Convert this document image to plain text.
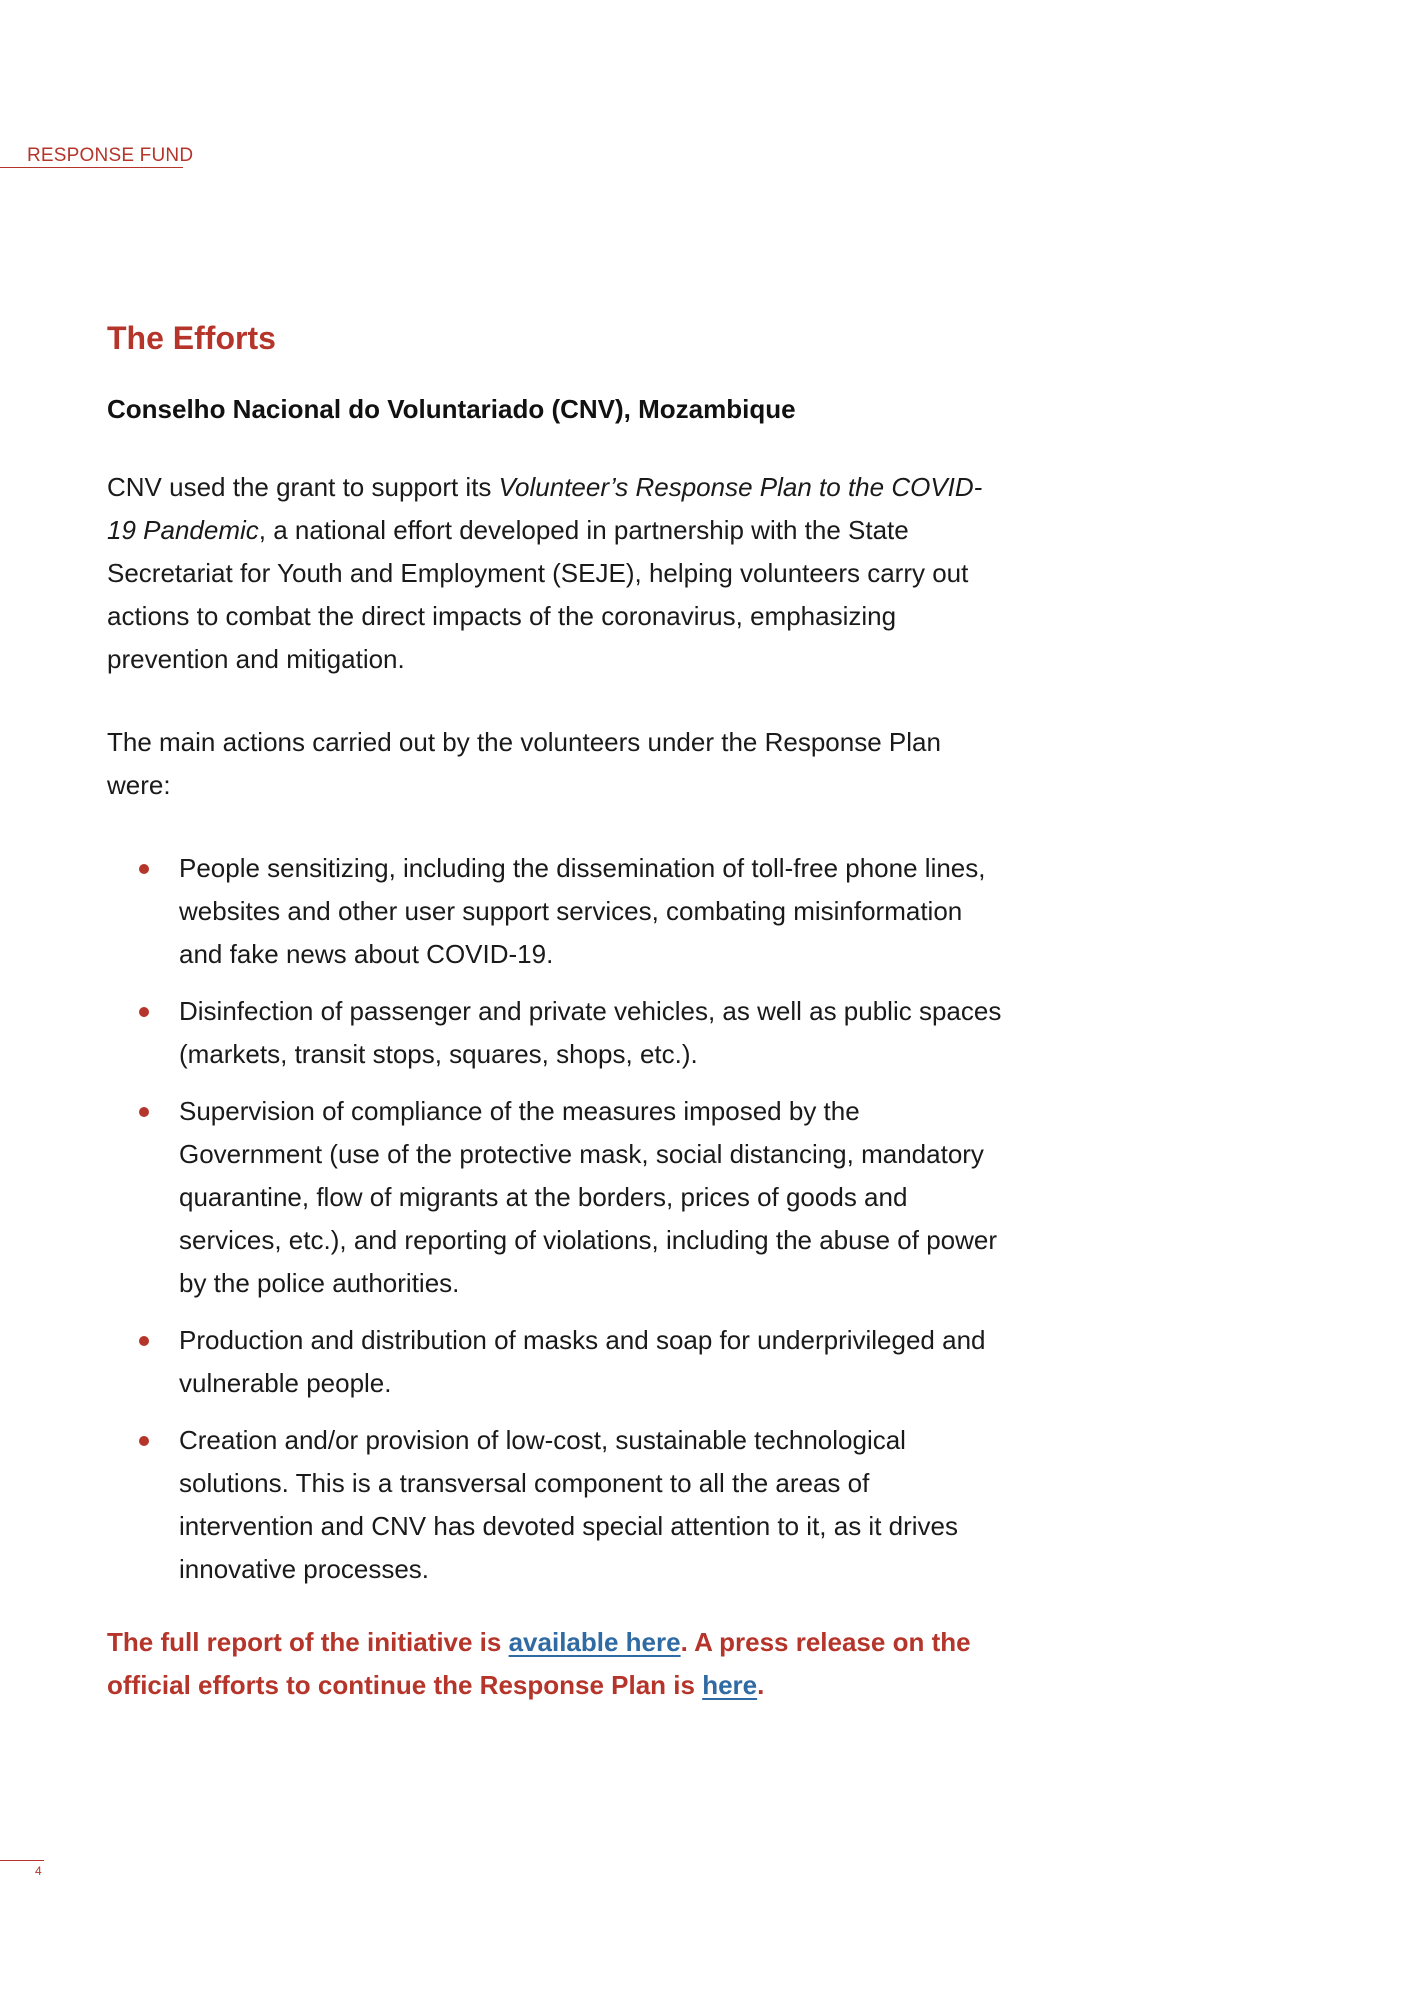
RESPONSE FUND
The Efforts

Conselho Nacional do Voluntariado (CNV), Mozambique

CNV used the grant to support its Volunteer’s Response Plan to the COVID-19 Pandemic, a national effort developed in partnership with the State Secretariat for Youth and Employment (SEJE), helping volunteers carry out actions to combat the direct impacts of the coronavirus, emphasizing prevention and mitigation.

The main actions carried out by the volunteers under the Response Plan were:

People sensitizing, including the dissemination of toll-free phone lines, websites and other user support services, combating misinformation and fake news about COVID-19.
Disinfection of passenger and private vehicles, as well as public spaces (markets, transit stops, squares, shops, etc.).
Supervision of compliance of the measures imposed by the Government (use of the protective mask, social distancing, mandatory quarantine, flow of migrants at the borders, prices of goods and services, etc.), and reporting of violations, including the abuse of power by the police authorities.
Production and distribution of masks and soap for underprivileged and vulnerable people.
Creation and/or provision of low-cost, sustainable technological solutions. This is a transversal component to all the areas of intervention and CNV has devoted special attention to it, as it drives innovative processes.

The full report of the initiative is available here. A press release on the official efforts to continue the Response Plan is here.

4
